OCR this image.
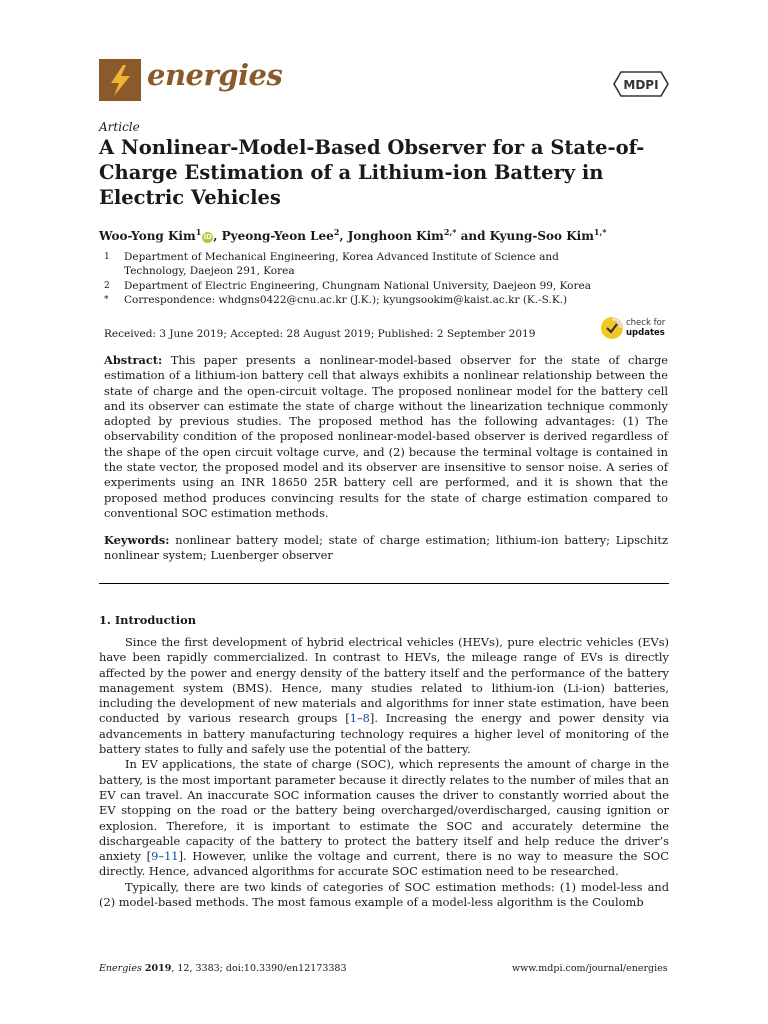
energies	MDPI
Article
A Nonlinear-Model-Based Observer for a State-of-Charge Estimation of a Lithium-ion Battery in Electric Vehicles
Woo-Yong Kim$^1$ iD, Pyeong-Yeon Lee$^2$, Jonghoon Kim$^{2,*}$ and Kyung-Soo Kim$^{1,*}$
1 Department of Mechanical Engineering, Korea Advanced Institute of Science and Technology, Daejeon 291, Korea
2 Department of Electric Engineering, Chungnam National University, Daejeon 99, Korea
* Correspondence: whdgns0422@cnu.ac.kr (J.K.); kyungsookim@kaist.ac.kr (K.-S.K.)
Received: 3 June 2019; Accepted: 28 August 2019; Published: 2 September 2019
check for
updates
Abstract: This paper presents a nonlinear-model-based observer for the state of charge estimation of a lithium-ion battery cell that always exhibits a nonlinear relationship between the state of charge and the open-circuit voltage. The proposed nonlinear model for the battery cell and its observer can estimate the state of charge without the linearization technique commonly adopted by previous studies. The proposed method has the following advantages: (1) The observability condition of the proposed nonlinear-model-based observer is derived regardless of the shape of the open circuit voltage curve, and (2) because the terminal voltage is contained in the state vector, the proposed model and its observer are insensitive to sensor noise. A series of experiments using an INR 18650 25R battery cell are performed, and it is shown that the proposed method produces convincing results for the state of charge estimation compared to conventional SOC estimation methods.
Keywords: nonlinear battery model; state of charge estimation; lithium-ion battery; Lipschitz nonlinear system; Luenberger observer
1. Introduction

Since the first development of hybrid electrical vehicles (HEVs), pure electric vehicles (EVs) have been rapidly commercialized. In contrast to HEVs, the mileage range of EVs is directly affected by the power and energy density of the battery itself and the performance of the battery management system (BMS). Hence, many studies related to lithium-ion (Li-ion) batteries, including the development of new materials and algorithms for inner state estimation, have been conducted by various research groups [1–8]. Increasing the energy and power density via advancements in battery manufacturing technology requires a higher level of monitoring of the battery states to fully and safely use the potential of the battery.

In EV applications, the state of charge (SOC), which represents the amount of charge in the battery, is the most important parameter because it directly relates to the number of miles that an EV can travel. An inaccurate SOC information causes the driver to constantly worried about the EV stopping on the road or the battery being overcharged/overdischarged, causing ignition or explosion. Therefore, it is important to estimate the SOC and accurately determine the dischargeable capacity of the battery to protect the battery itself and help reduce the driver’s anxiety [9–11]. However, unlike the voltage and current, there is no way to measure the SOC directly. Hence, advanced algorithms for accurate SOC estimation need to be researched.

Typically, there are two kinds of categories of SOC estimation methods: (1) model-less and (2) model-based methods. The most famous example of a model-less algorithm is the Coulomb

Energies 2019, 12, 3383; doi:10.3390/en12173383	www.mdpi.com/journal/energies
